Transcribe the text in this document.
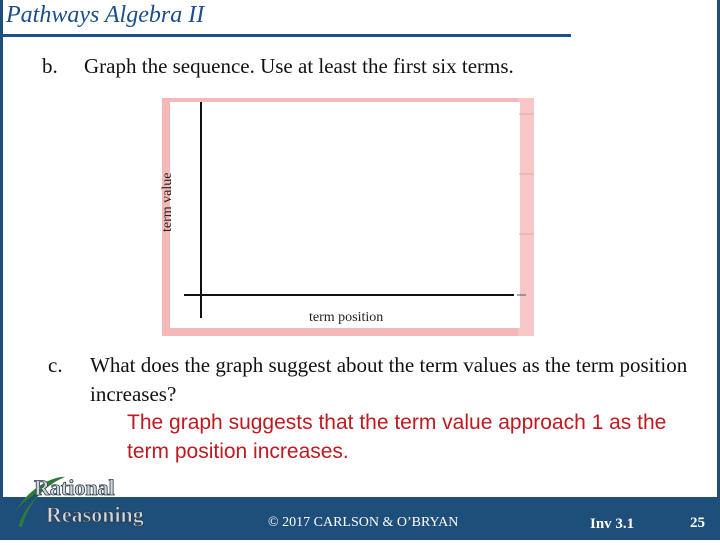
Pathways Algebra II
b. Graph the sequence. Use at least the first six terms.
term position
term value
c. What does the graph suggest about the term values as the term position increases?
The graph suggests that the term value approach 1 as the term position increases.
Rational
Reasoning	© 2017 CARLSON & O’BRYAN	Inv 3.1	25
